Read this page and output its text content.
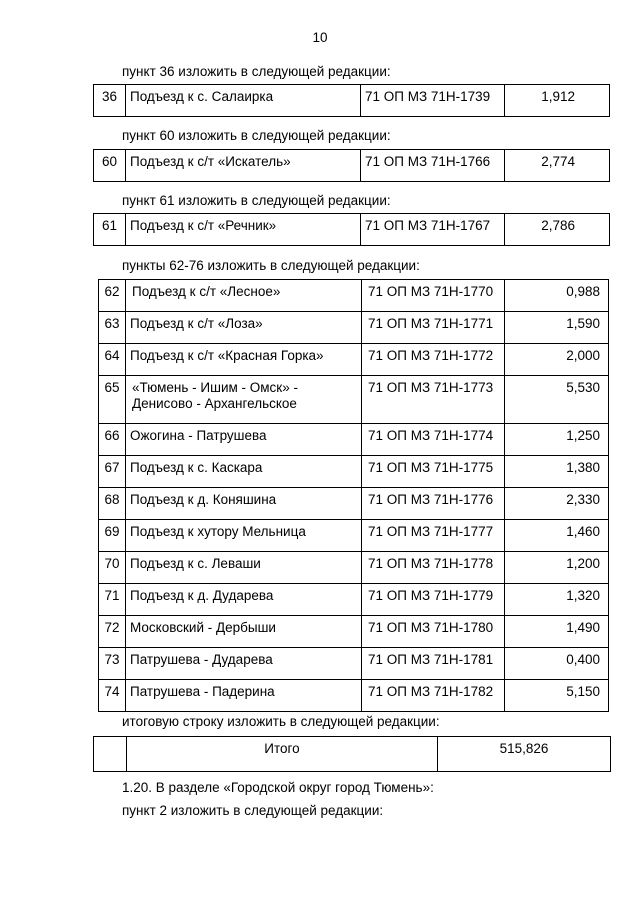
10
пункт 36 изложить в следующей редакции:
36	Подъезд к с. Салаирка	71 ОП МЗ 71Н-1739	1,912
пункт 60 изложить в следующей редакции:
60	Подъезд к с/т «Искатель»	71 ОП МЗ 71Н-1766	2,774
пункт 61 изложить в следующей редакции:
61	Подъезд к с/т «Речник»	71 ОП МЗ 71Н-1767	2,786
пункты 62-76 изложить в следующей редакции:
62	Подъезд к с/т «Лесное»	71 ОП МЗ 71Н-1770	0,988
63	Подъезд к с/т «Лоза»	71 ОП МЗ 71Н-1771	1,590
64	Подъезд к с/т «Красная Горка»	71 ОП МЗ 71Н-1772	2,000
65	«Тюмень - Ишим - Омск» -
Денисово - Архангельское	71 ОП МЗ 71Н-1773	5,530
66	Ожогина - Патрушева	71 ОП МЗ 71Н-1774	1,250
67	Подъезд к с. Каскара	71 ОП МЗ 71Н-1775	1,380
68	Подъезд к д. Коняшина	71 ОП МЗ 71Н-1776	2,330
69	Подъезд к хутору Мельница	71 ОП МЗ 71Н-1777	1,460
70	Подъезд к с. Леваши	71 ОП МЗ 71Н-1778	1,200
71	Подъезд к д. Дударева	71 ОП МЗ 71Н-1779	1,320
72	Московский - Дербыши	71 ОП МЗ 71Н-1780	1,490
73	Патрушева - Дударева	71 ОП МЗ 71Н-1781	0,400
74	Патрушева - Падерина	71 ОП МЗ 71Н-1782	5,150
итоговую строку изложить в следующей редакции:
	Итого	515,826
1.20. В разделе «Городской округ город Тюмень»:
пункт 2 изложить в следующей редакции:
